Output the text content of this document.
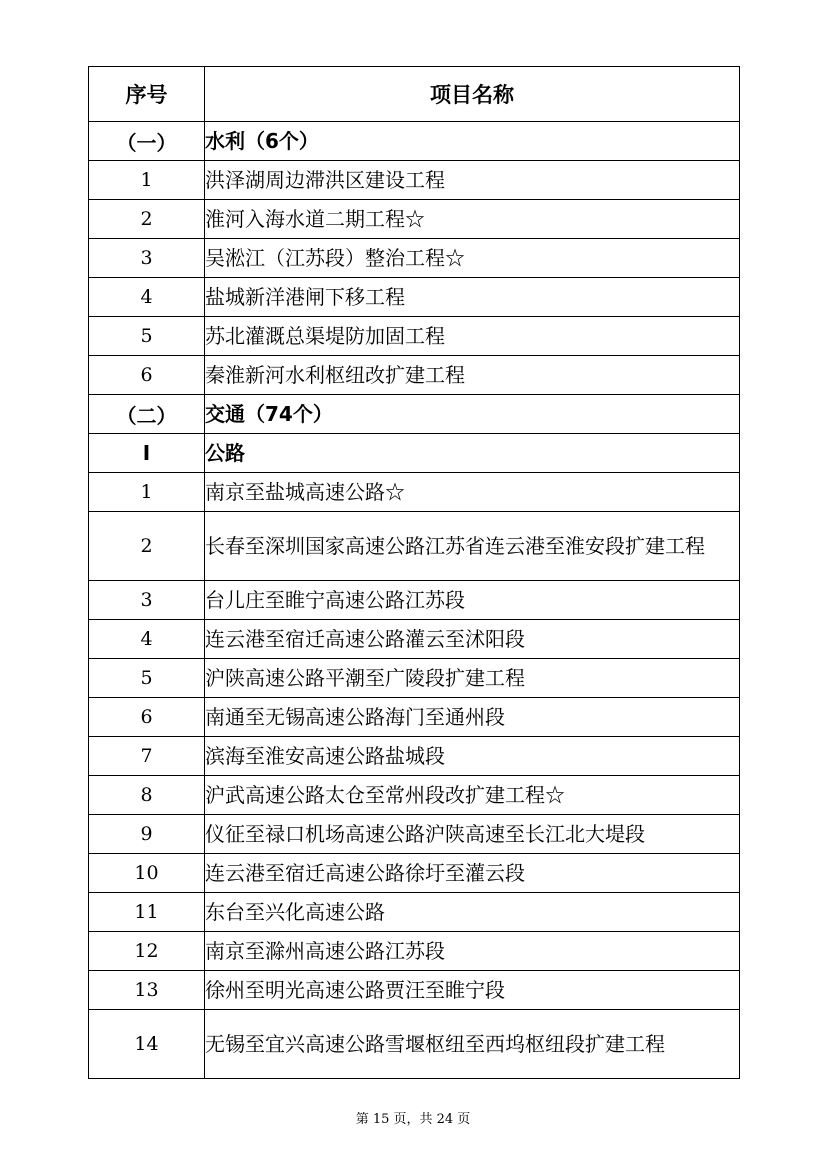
序号	项目名称
（一）	水利（6个）
1	洪泽湖周边滞洪区建设工程
2	淮河入海水道二期工程☆
3	吴淞江（江苏段）整治工程☆
4	盐城新洋港闸下移工程
5	苏北灌溉总渠堤防加固工程
6	秦淮新河水利枢纽改扩建工程
（二）	交通（74个）
I	公路
1	南京至盐城高速公路☆
2	长春至深圳国家高速公路江苏省连云港至淮安段扩建工程
3	台儿庄至睢宁高速公路江苏段
4	连云港至宿迁高速公路灌云至沭阳段
5	沪陕高速公路平潮至广陵段扩建工程
6	南通至无锡高速公路海门至通州段
7	滨海至淮安高速公路盐城段
8	沪武高速公路太仓至常州段改扩建工程☆
9	仪征至禄口机场高速公路沪陕高速至长江北大堤段
10	连云港至宿迁高速公路徐圩至灌云段
11	东台至兴化高速公路
12	南京至滁州高速公路江苏段
13	徐州至明光高速公路贾汪至睢宁段
14	无锡至宜兴高速公路雪堰枢纽至西坞枢纽段扩建工程
第 15 页，共 24 页
